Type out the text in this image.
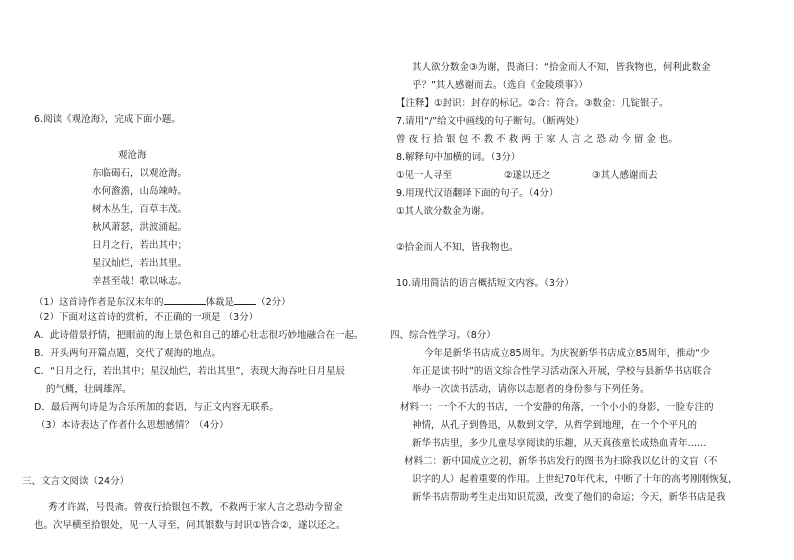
6.阅读《观沧海》，完成下面小题。
观沧海
东临碣石，以观沧海。
水何澹澹，山岛竦峙。
树木丛生，百草丰茂。
秋风萧瑟，洪波涌起。
日月之行，若出其中；
星汉灿烂，若出其里。
幸甚至哉！歌以咏志。
（1）这首诗作者是东汉末年的	体裁是 （2分）
（2）下面对这首诗的赏析，不正确的一项是 （3分）
A．此诗借景抒情，把眼前的海上景色和自己的雄心壮志很巧妙地融合在一起。
B．开头两句开篇点题，交代了观海的地点。
C．“日月之行，若出其中；星汉灿烂，若出其里”，表现大海吞吐日月星辰
的气概，壮阔雄浑。
D．最后两句诗是为合乐所加的套语，与正文内容无联系。
（3）本诗表达了作者什么思想感情？（4分）
三、文言文阅读（24分）
秀才许嵩，号畏斋。曾夜行拾银包不教，不救两于家人言之恐动今留金
也。次早横至拾银处，见一人寻至，问其银数与封识①皆合②，遂以还之。
其人欲分数金③为谢，畏斋曰：“拾金而人不知，皆我物也，何利此数金
乎？”其人感谢而去。（选自《金陵琐事》）
【注释】①封识：封存的标记。②合：符合。③数金：几锭银子。
7.请用“/”给文中画线的句子断句。（断两处）
曾 夜 行 拾 银 包 不 教 不 救 两 于 家 人 言 之 恐 动 今 留 金 也。
8.解释句中加横的词。（3分）
①见一人寻至	②遂以还之	③其人感谢而去
9.用现代汉语翻译下面的句子。（4分）
①其人欲分数金为谢。
②拾金而人不知，皆我物也。
10.请用简洁的语言概括短文内容。（3分）
四、综合性学习。（8分）
今年是新华书店成立85周年。为庆祝新华书店成立85周年，推动“少
年正是读书时”的语文综合性学习活动深入开展，学校与县新华书店联合
举办一次读书活动，请你以志愿者的身份参与下列任务。
材料一：一个不大的书店，一个安静的角落，一个小小的身影，一脸专注的
神情，从孔子到鲁迅，从数到文学，从哲学到地理，在一个个平凡的
新华书店里，多少儿童尽享阅读的乐趣，从天真孩童长成热血青年……
材料二：新中国成立之初，新华书店发行的图书为扫除我以亿计的文盲（不
识字的人）起着重要的作用。上世纪70年代末，中断了十年的高考刚刚恢复，
新华书店帮助考生走出知识荒漠，改变了他们的命运；今天，新华书店是我
